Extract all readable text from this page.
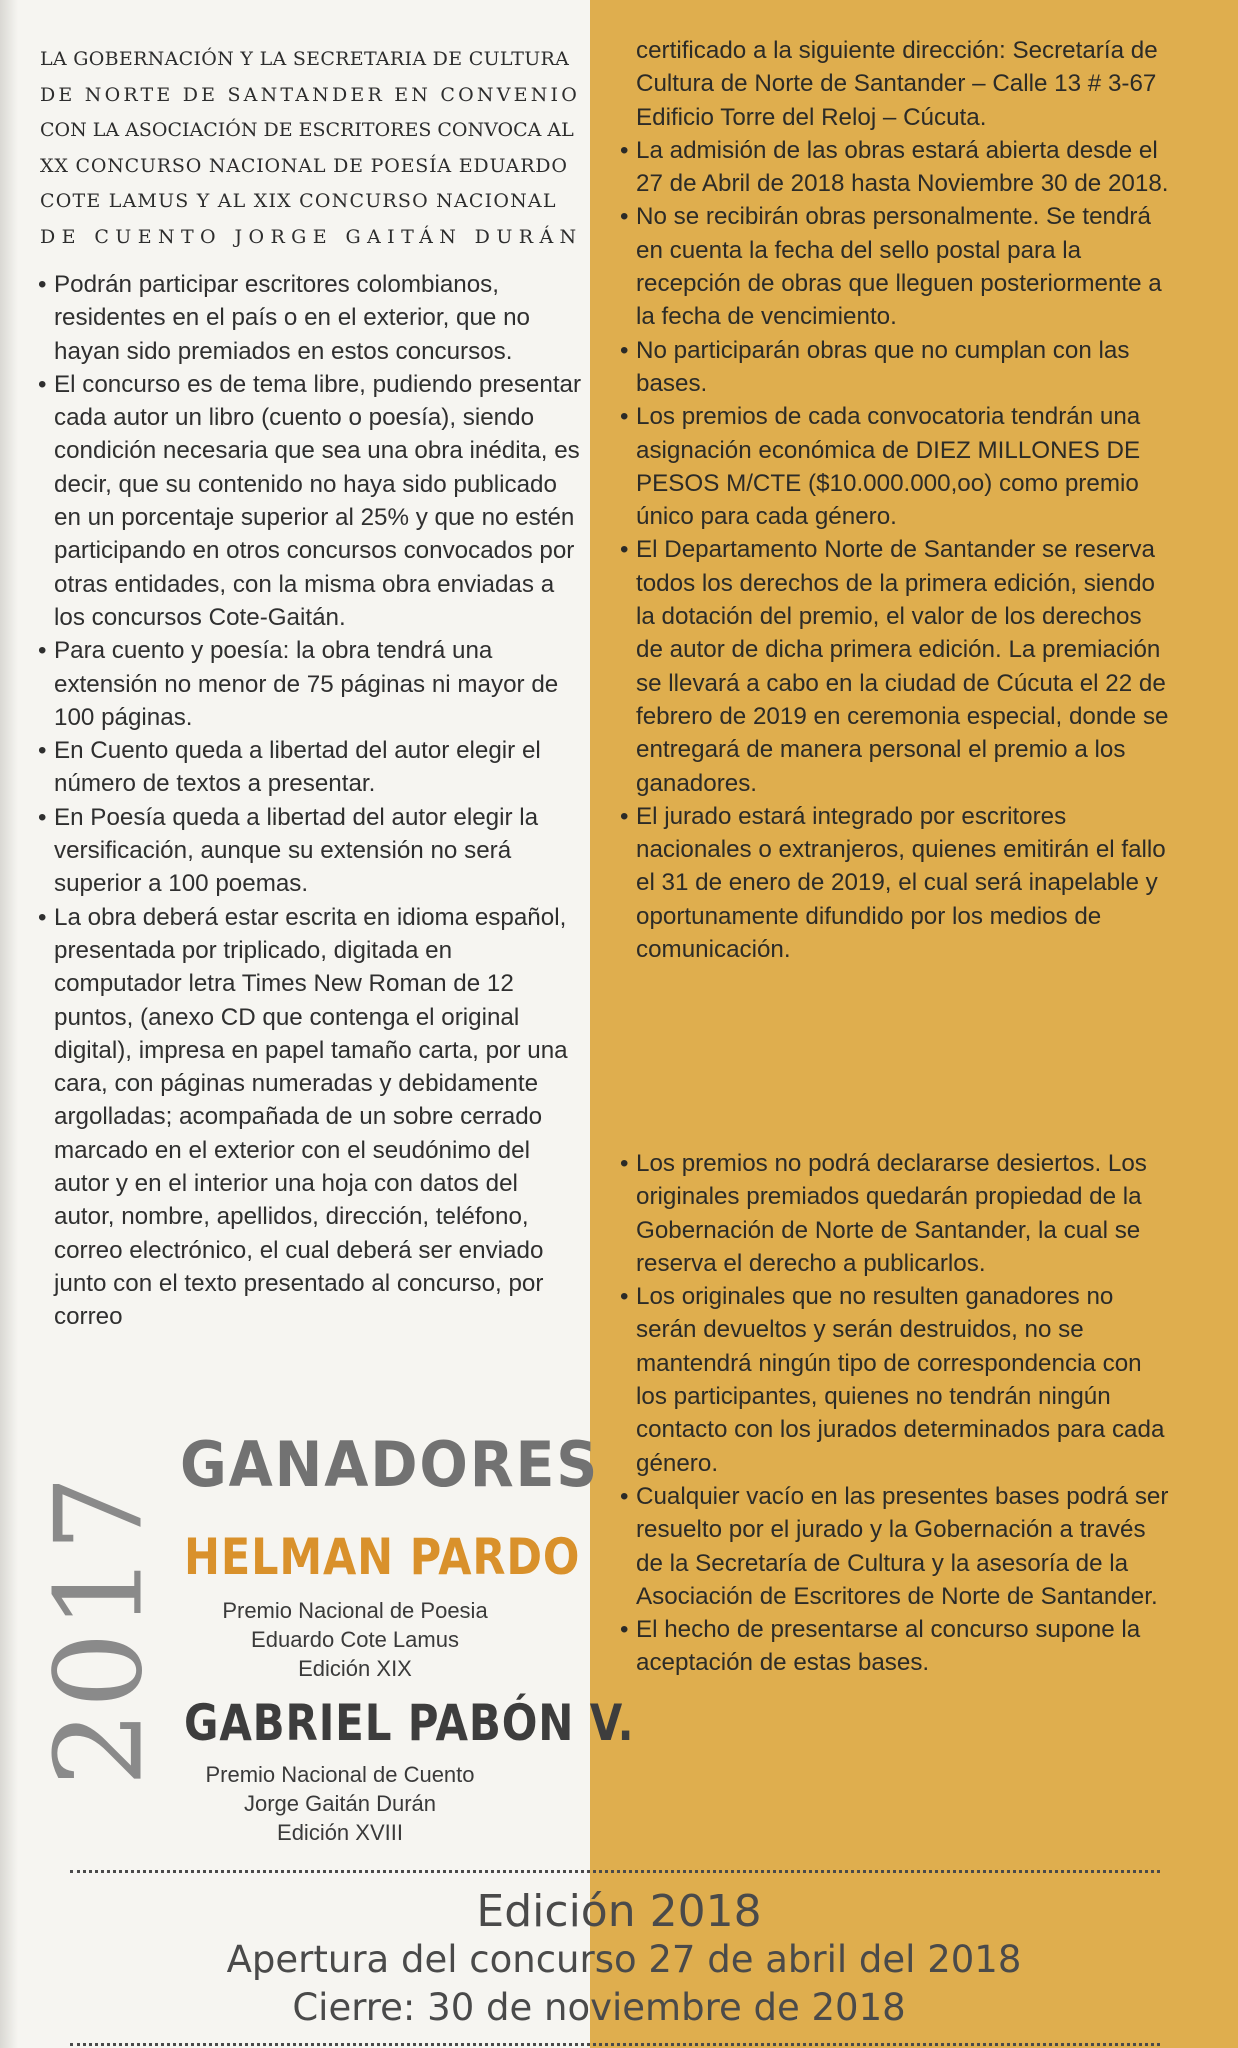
LA GOBERNACIÓN Y LA SECRETARIA DE CULTURA
DE NORTE DE SANTANDER EN CONVENIO
CON LA ASOCIACIÓN DE ESCRITORES CONVOCA AL
XX CONCURSO NACIONAL DE POESÍA EDUARDO
COTE LAMUS Y AL XIX CONCURSO NACIONAL
DE CUENTO JORGE GAITÁN DURÁN

• Podrán participar escritores colombianos, residentes en el país o en el exterior, que no hayan sido premiados en estos concursos.

• El concurso es de tema libre, pudiendo presentar cada autor un libro (cuento o poesía), siendo condición necesaria que sea una obra inédita, es decir, que su contenido no haya sido publicado en un porcentaje superior al 25% y que no estén participando en otros concursos convocados por otras entidades, con la misma obra enviadas a los concursos Cote-Gaitán.

• Para cuento y poesía: la obra tendrá una extensión no menor de 75 páginas ni mayor de 100 páginas.

• En Cuento queda a libertad del autor elegir el número de textos a presentar.

• En Poesía queda a libertad del autor elegir la versificación, aunque su extensión no será superior a 100 poemas.

• La obra deberá estar escrita en idioma español, presentada por triplicado, digitada en computador letra Times New Roman de 12 puntos, (anexo CD que contenga el original digital), impresa en papel tamaño carta, por una cara, con páginas numeradas y debidamente argolladas; acompañada de un sobre cerrado marcado en el exterior con el seudónimo del autor y en el interior una hoja con datos del autor, nombre, apellidos, dirección, teléfono, correo electrónico, el cual deberá ser enviado junto con el texto presentado al concurso, por correo

certificado a la siguiente dirección: Secretaría de Cultura de Norte de Santander – Calle 13 # 3-67 Edificio Torre del Reloj – Cúcuta.

• La admisión de las obras estará abierta desde el 27 de Abril de 2018 hasta Noviembre 30 de 2018.

• No se recibirán obras personalmente. Se tendrá en cuenta la fecha del sello postal para la recepción de obras que lleguen posteriormente a la fecha de vencimiento.

• No participarán obras que no cumplan con las bases.

• Los premios de cada convocatoria tendrán una asignación económica de DIEZ MILLONES DE PESOS M/CTE ($10.000.000,oo) como premio único para cada género.

• El Departamento Norte de Santander se reserva todos los derechos de la primera edición, siendo la dotación del premio, el valor de los derechos de autor de dicha primera edición. La premiación se llevará a cabo en la ciudad de Cúcuta el 22 de febrero de 2019 en ceremonia especial, donde se entregará de manera personal el premio a los ganadores.

• El jurado estará integrado por escritores nacionales o extranjeros, quienes emitirán el fallo el 31 de enero de 2019, el cual será inapelable y oportunamente difundido por los medios de comunicación.

• Los premios no podrá declararse desiertos. Los originales premiados quedarán propiedad de la Gobernación de Norte de Santander, la cual se reserva el derecho a publicarlos.

• Los originales que no resulten ganadores no serán devueltos y serán destruidos, no se mantendrá ningún tipo de correspondencia con los participantes, quienes no tendrán ningún contacto con los jurados determinados para cada género.

• Cualquier vacío en las presentes bases podrá ser resuelto por el jurado y la Gobernación a través de la Secretaría de Cultura y la asesoría de la Asociación de Escritores de Norte de Santander.

• El hecho de presentarse al concurso supone la aceptación de estas bases.

2017
GANADORES
HELMAN PARDO
Premio Nacional de Poesia
Eduardo Cote Lamus
Edición XIX
GABRIEL PABÓN V.
Premio Nacional de Cuento
Jorge Gaitán Durán
Edición XVIII
Edición 2018
Apertura del concurso 27 de abril del 2018
Cierre: 30 de noviembre de 2018
